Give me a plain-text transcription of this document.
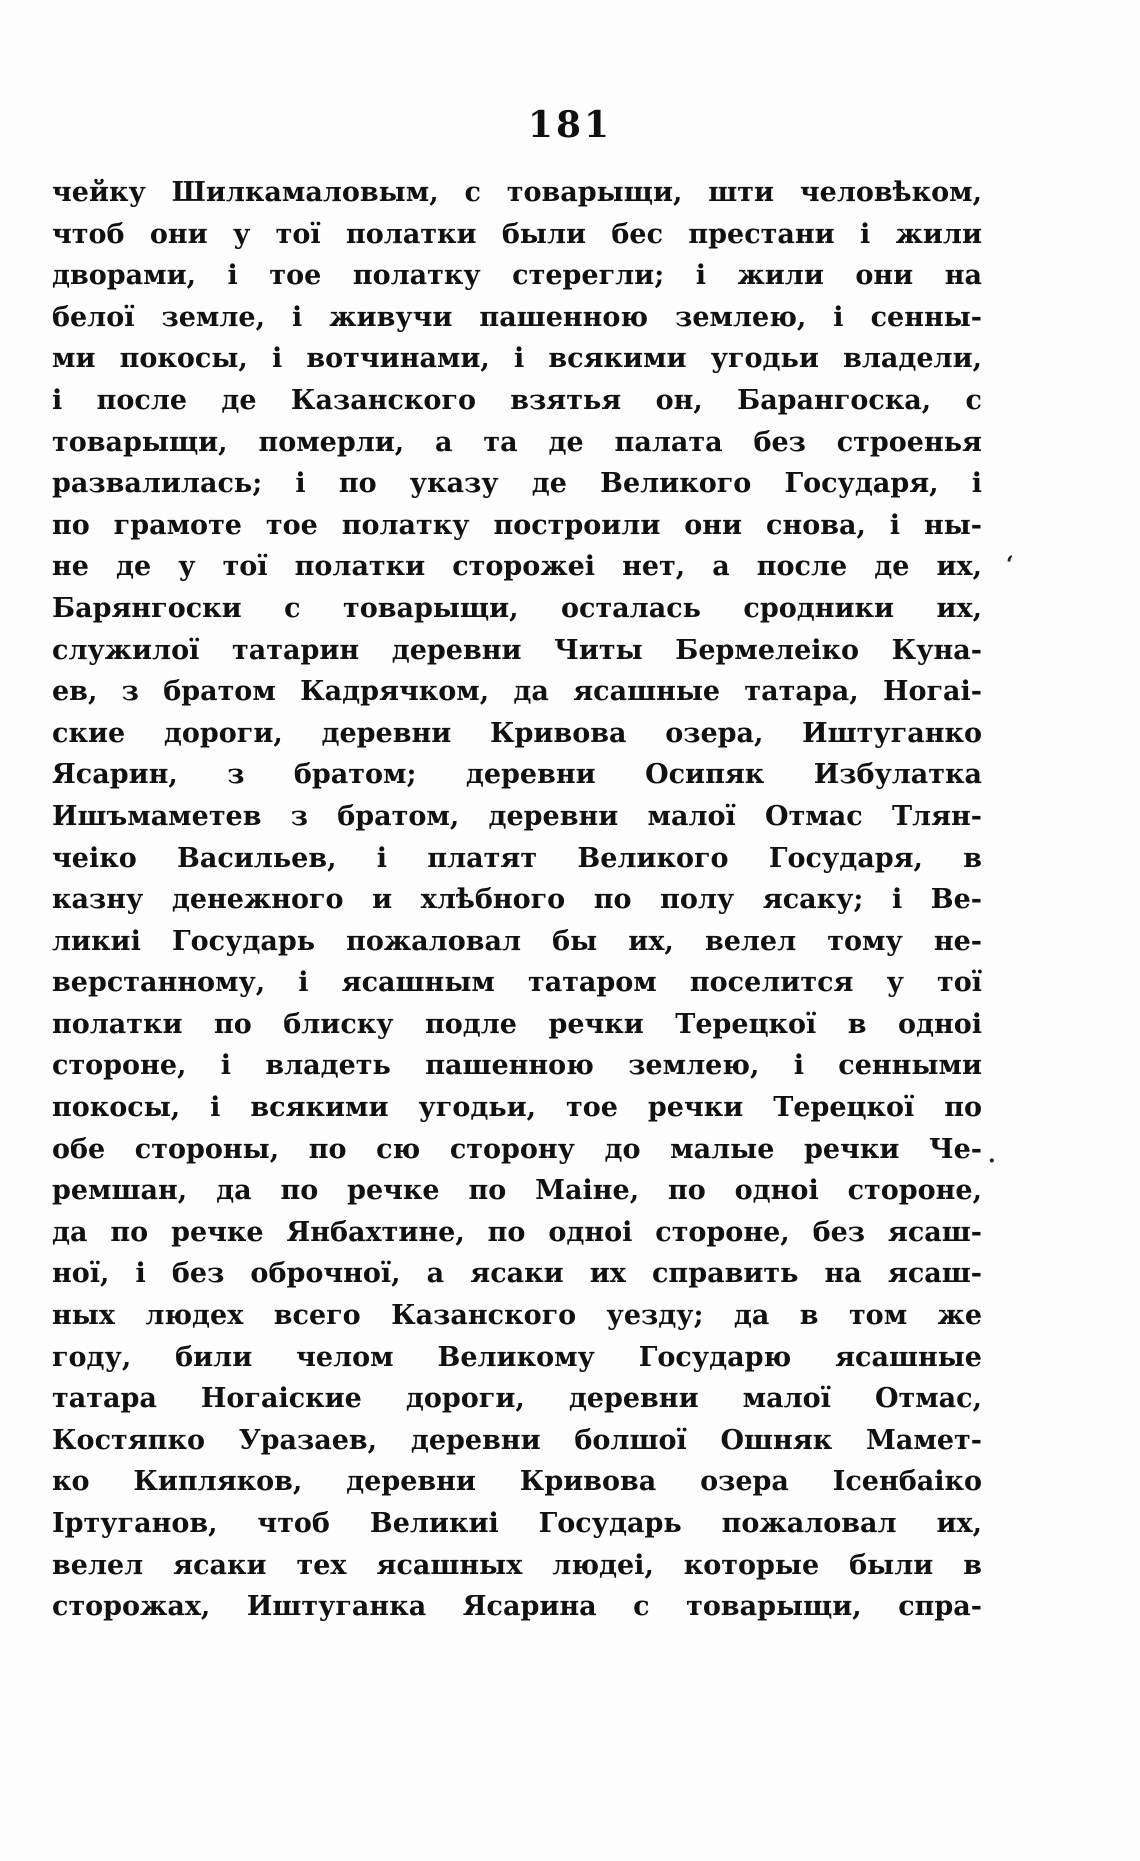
181
чейку Шилкамаловым, с товарыщи, шти человѣком,
чтоб они у тої полатки были бес престани і жили
дворами, і тое полатку стерегли; і жили они на
белої земле, і живучи пашенною землею, і сенны-
ми покосы, і вотчинами, і всякими угодьи владели,
і после де Казанского взятья он, Барангоска, с
товарыщи, померли, а та де палата без строенья
развалилась; і по указу де Великого Государя, і
по грамоте тое полатку построили они снова, і ны-
не де у тої полатки сторожеі нет, а после де их,
Барянгоски с товарыщи, осталась сродники их,
служилої татарин деревни Читы Бермелеіко Куна-
ев, з братом Кадрячком, да ясашные татара, Ногаі-
ские дороги, деревни Кривова озера, Иштуганко
Ясарин, з братом; деревни Осипяк Избулатка
Ишъмаметев з братом, деревни малої Отмас Тлян-
чеіко Васильев, і платят Великого Государя, в
казну денежного и хлѣбного по полу ясаку; і Ве-
ликиі Государь пожаловал бы их, велел тому не-
верстанному, і ясашным татаром поселится у тої
полатки по блиску подле речки Терецкої в однoі
стороне, і владеть пашенною землею, і сенными
покосы, і всякими угодьи, тое речки Терецкої по
обе стороны, по сю сторону до малые речки Че-
ремшан, да по речке по Маіне, по однoі стороне,
да по речке Янбахтине, по однoі стороне, без ясаш-
ної, і без оброчної, а ясаки их справить на ясаш-
ных людех всего Казанского уезду; да в том же
году, били челом Великому Государю ясашные
татара Ногаіские дороги, деревни малої Отмас,
Костяпко Уразаев, деревни болшої Ошняк Мамет-
ко Кипляков, деревни Кривова озера Ісенбаіко
Іртуганов, чтоб Великиі Государь пожаловал их,
велел ясаки тех ясашных людеі, которые были в
сторожах, Иштуганка Ясарина с товарыщи, спра-
‘
·
